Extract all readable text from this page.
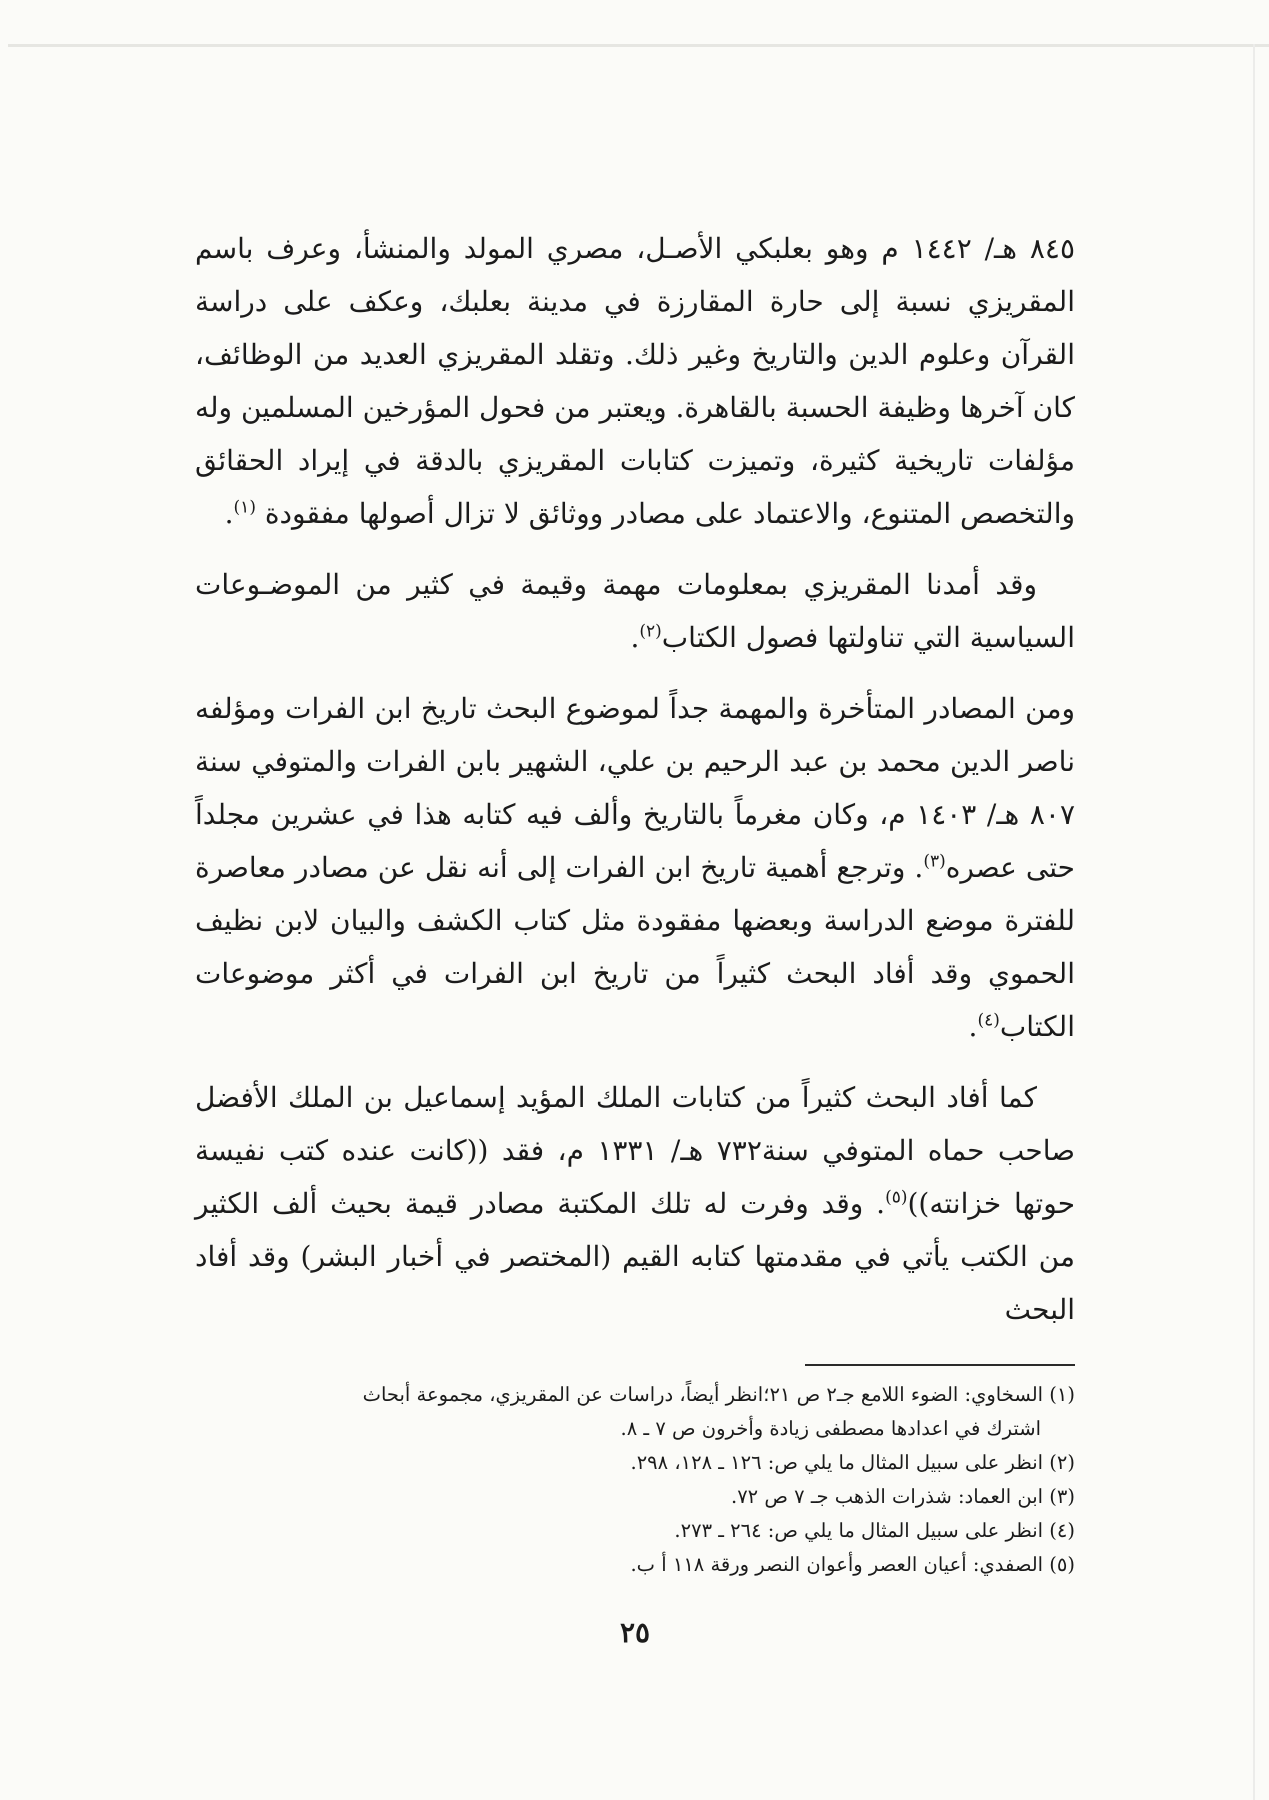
٨٤٥ هـ/ ١٤٤٢ م وهو بعلبكي الأصـل، مصري المولد والمنشأ، وعرف باسم المقريزي نسبة إلى حارة المقارزة في مدينة بعلبك، وعكف على دراسة القرآن وعلوم الدين والتاريخ وغير ذلك. وتقلد المقريزي العديد من الوظائف، كان آخرها وظيفة الحسبة بالقاهرة. ويعتبر من فحول المؤرخين المسلمين وله مؤلفات تاريخية كثيرة، وتميزت كتابات المقريزي بالدقة في إيراد الحقائق والتخصص المتنوع، والاعتماد على مصادر ووثائق لا تزال أصولها مفقودة $^{(١)}$.

وقد أمدنا المقريزي بمعلومات مهمة وقيمة في كثير من الموضـوعات السياسية التي تناولتها فصول الكتاب$^{(٢)}$.

ومن المصادر المتأخرة والمهمة جداً لموضوع البحث تاريخ ابن الفرات ومؤلفه ناصر الدين محمد بن عبد الرحيم بن علي، الشهير بابن الفرات والمتوفي سنة ٨٠٧ هـ/ ١٤٠٣ م، وكان مغرماً بالتاريخ وألف فيه كتابه هذا في عشرين مجلداً حتى عصره$^{(٣)}$. وترجع أهمية تاريخ ابن الفرات إلى أنه نقل عن مصادر معاصرة للفترة موضع الدراسة وبعضها مفقودة مثل كتاب الكشف والبيان لابن نظيف الحموي وقد أفاد البحث كثيراً من تاريخ ابن الفرات في أكثر موضوعات الكتاب$^{(٤)}$.

كما أفاد البحث كثيراً من كتابات الملك المؤيد إسماعيل بن الملك الأفضل صاحب حماه المتوفي سنة٧٣٢ هـ/ ١٣٣١ م، فقد ((كانت عنده كتب نفيسة حوتها خزانته))$^{(٥)}$. وقد وفرت له تلك المكتبة مصادر قيمة بحيث ألف الكثير من الكتب يأتي في مقدمتها كتابه القيم (المختصر في أخبار البشر) وقد أفاد البحث

(١) السخاوي: الضوء اللامع جـ٢ ص ٢١؛انظر أيضاً، دراسات عن المقريزي، مجموعة أبحاث

اشترك في اعدادها مصطفى زيادة وأخرون ص ٧ ـ ٨.

(٢) انظر على سبيل المثال ما يلي ص: ١٢٦ ـ ١٢٨، ٢٩٨.

(٣) ابن العماد: شذرات الذهب جـ ٧ ص ٧٢.

(٤) انظر على سبيل المثال ما يلي ص: ٢٦٤ ـ ٢٧٣.

(٥) الصفدي: أعيان العصر وأعوان النصر ورقة ١١٨ أ ب.

٢٥
